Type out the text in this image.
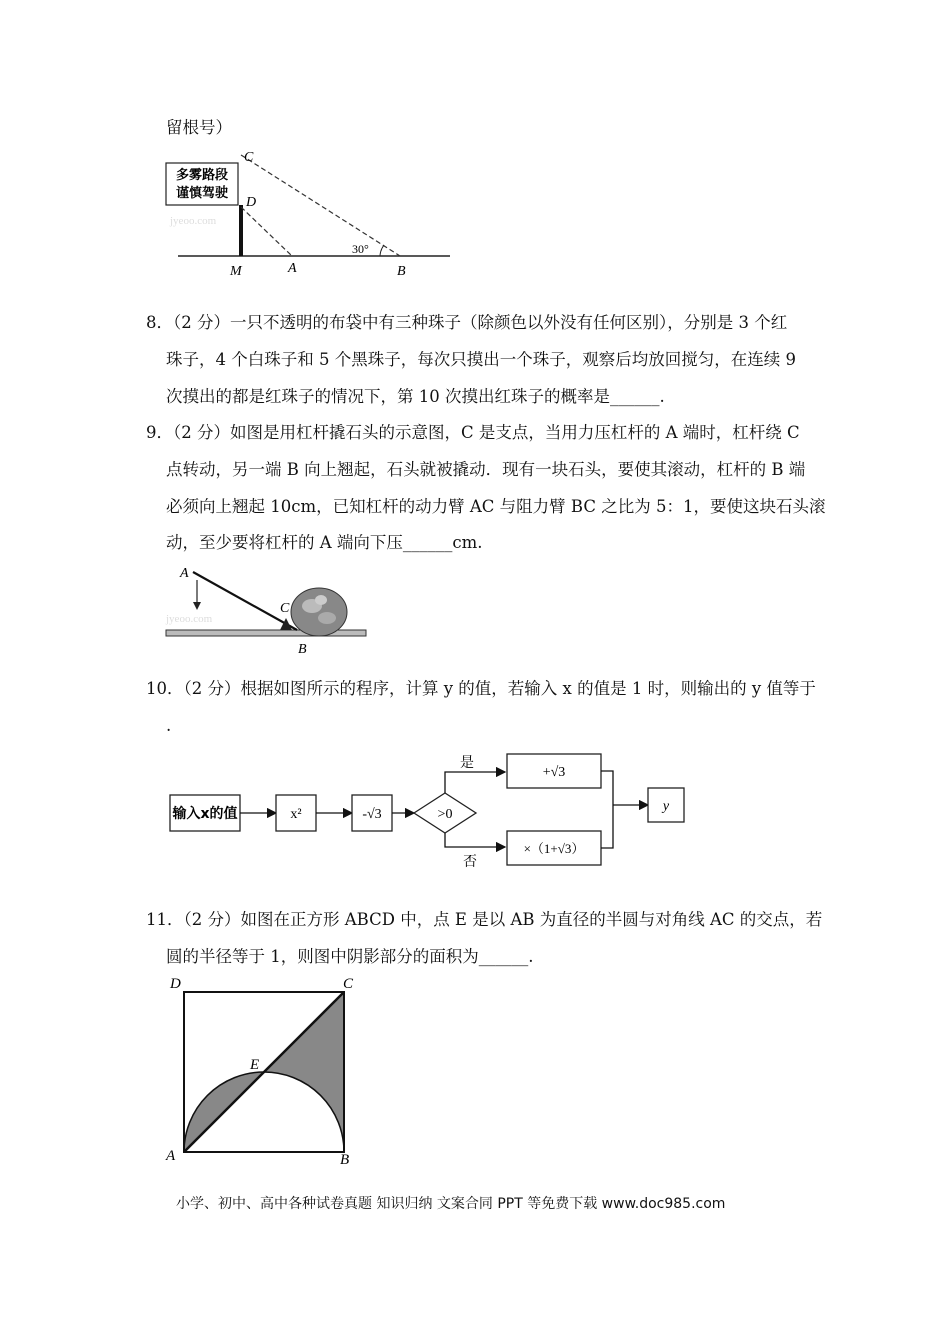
留根号）
多雾路段
谨慎驾驶
C
D
M	A	B
30°
jyeoo.com
8．（2 分）一只不透明的布袋中有三种珠子（除颜色以外没有任何区别），分别是 3 个红
珠子，4 个白珠子和 5 个黑珠子，每次只摸出一个珠子，观察后均放回搅匀，在连续 9
次摸出的都是红珠子的情况下，第 10 次摸出红珠子的概率是______.
9．（2 分）如图是用杠杆撬石头的示意图，C 是支点，当用力压杠杆的 A 端时，杠杆绕 C
点转动，另一端 B 向上翘起，石头就被撬动．现有一块石头，要使其滚动，杠杆的 B 端
必须向上翘起 10cm，已知杠杆的动力臂 AC 与阻力臂 BC 之比为 5：1，要使这块石头滚
动，至少要将杠杆的 A 端向下压______cm.
A
C
B
jyeoo.com
10．（2 分）根据如图所示的程序，计算 y 的值，若输入 x 的值是 1 时，则输出的 y 值等于
.
输入x的值	x²	-√3	>0
是
否
+√3
×（1+√3）
y
11．（2 分）如图在正方形 ABCD 中，点 E 是以 AB 为直径的半圆与对角线 AC 的交点，若
圆的半径等于 1，则图中阴影部分的面积为______.
D	C
E
A	B
小学、初中、高中各种试卷真题 知识归纳 文案合同 PPT 等免费下载 www.doc985.com
